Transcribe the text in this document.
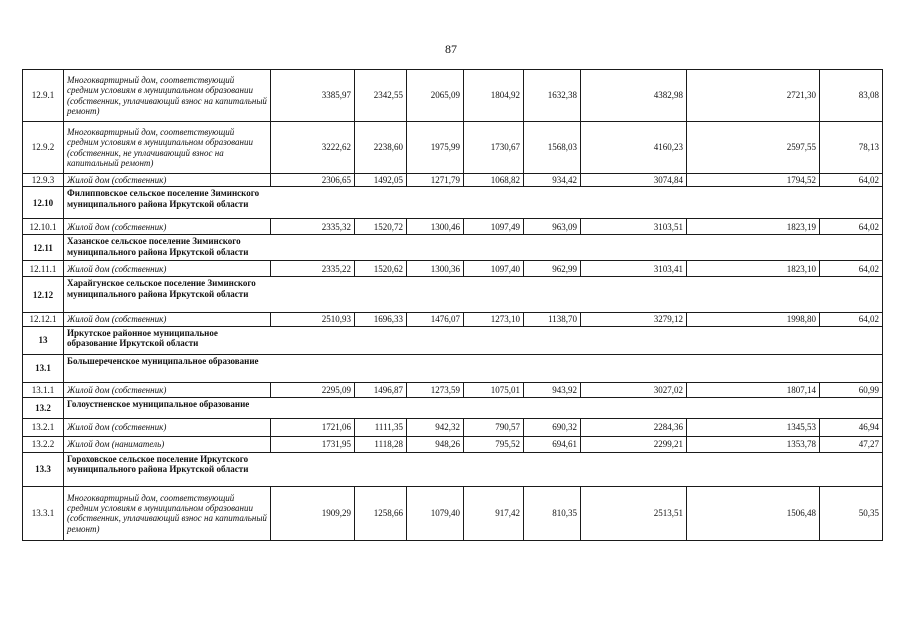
87
12.9.1	Многоквартирный дом, соответствующий средним условиям в муниципальном образовании (собственник, уплачивающий взнос на капитальный ремонт)	3385,97	2342,55	2065,09	1804,92	1632,38	4382,98	2721,30	83,08
12.9.2	Многоквартирный дом, соответствующий средним условиям в муниципальном образовании (собственник, не уплачивающий взнос на капитальный ремонт)	3222,62	2238,60	1975,99	1730,67	1568,03	4160,23	2597,55	78,13
12.9.3	Жилой дом (собственник)	2306,65	1492,05	1271,79	1068,82	934,42	3074,84	1794,52	64,02
12.10	Филипповское сельское поселение Зиминского муниципального района Иркутской области								

12.10.1	Жилой дом (собственник)	2335,32	1520,72	1300,46	1097,49	963,09	3103,51	1823,19	64,02
12.11	Хазанское сельское поселение Зиминского муниципального района Иркутской области								

12.11.1	Жилой дом (собственник)	2335,22	1520,62	1300,36	1097,40	962,99	3103,41	1823,10	64,02
12.12	Харайгунское сельское поселение Зиминского муниципального района Иркутской области								

12.12.1	Жилой дом (собственник)	2510,93	1696,33	1476,07	1273,10	1138,70	3279,12	1998,80	64,02
13	Иркутское районное муниципальное образование Иркутской области								

13.1	Большереченское муниципальное образование								

13.1.1	Жилой дом (собственник)	2295,09	1496,87	1273,59	1075,01	943,92	3027,02	1807,14	60,99
13.2	Голоустненское муниципальное образование								

13.2.1	Жилой дом (собственник)	1721,06	1111,35	942,32	790,57	690,32	2284,36	1345,53	46,94
13.2.2	Жилой дом (наниматель)	1731,95	1118,28	948,26	795,52	694,61	2299,21	1353,78	47,27
13.3	Гороховское сельское поселение Иркутского муниципального района Иркутской области								

13.3.1	Многоквартирный дом, соответствующий средним условиям в муниципальном образовании (собственник, уплачивающий взнос на капитальный ремонт)	1909,29	1258,66	1079,40	917,42	810,35	2513,51	1506,48	50,35
